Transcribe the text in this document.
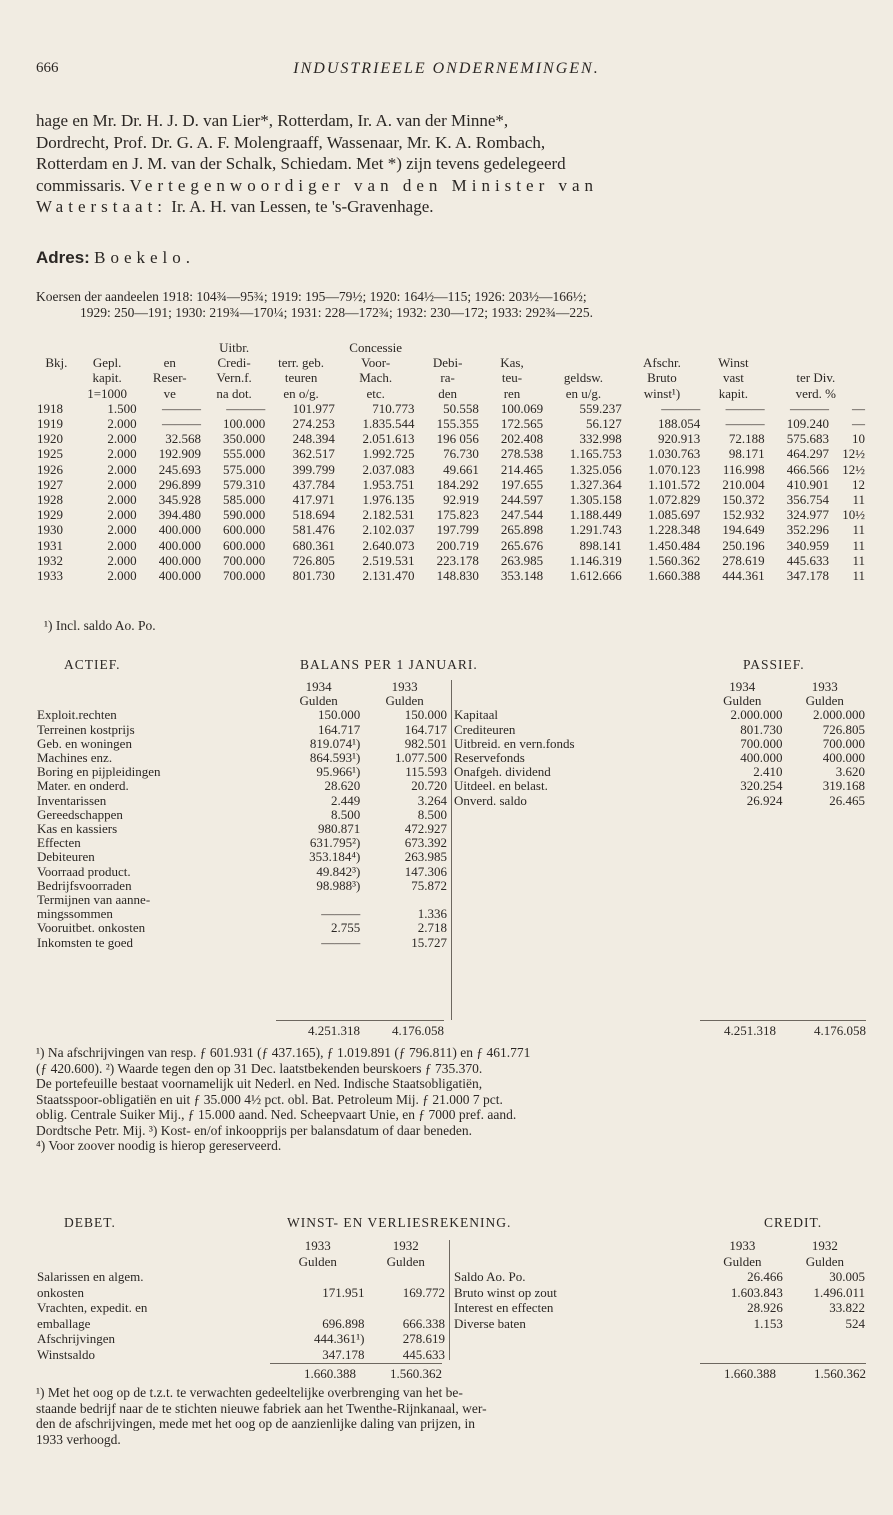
666	INDUSTRIEELE ONDERNEMINGEN.

hage en Mr. Dr. H. J. D. van Lier*, Rotterdam, Ir. A. van der Minne*,

Dordrecht, Prof. Dr. G. A. F. Molengraaff, Wassenaar, Mr. K. A. Rombach,

Rotterdam en J. M. van der Schalk, Schiedam. Met *) zijn tevens gedelegeerd

commissaris. Vertegenwoordiger van den Minister van

Waterstaat: Ir. A. H. van Lessen, te 's-Gravenhage.

Adres: Boekelo.
Koersen der aandeelen 1918: 104¾—95¾; 1919: 195—79½; 1920: 164½—115; 1926: 203½—166½;
1929: 250—191; 1930: 219¾—170¼; 1931: 228—172¾; 1932: 230—172; 1933: 292¾—225.
			Uitbr.		Concessie							
Bkj.	Gepl.	en	Credi-	terr. geb.	Voor-	Debi-	Kas,		Afschr.	Winst		
	kapit.	Reser-	Vern.f.	teuren	Mach.	ra-	teu-	geldsw.	Bruto	vast	ter Div.	
	1=1000	ve	na dot.	en o/g.	etc.	den	ren	en u/g.	winst¹)	kapit.	verd. %	
1918	1.500	———	———	101.977	710.773	50.558	100.069	559.237	———	———	———	—
1919	2.000	———	100.000	274.253	1.835.544	155.355	172.565	56.127	188.054	———	109.240	—
1920	2.000	32.568	350.000	248.394	2.051.613	196 056	202.408	332.998	920.913	72.188	575.683	10
1925	2.000	192.909	555.000	362.517	1.992.725	76.730	278.538	1.165.753	1.030.763	98.171	464.297	12½
1926	2.000	245.693	575.000	399.799	2.037.083	49.661	214.465	1.325.056	1.070.123	116.998	466.566	12½
1927	2.000	296.899	579.310	437.784	1.953.751	184.292	197.655	1.327.364	1.101.572	210.004	410.901	12
1928	2.000	345.928	585.000	417.971	1.976.135	92.919	244.597	1.305.158	1.072.829	150.372	356.754	11
1929	2.000	394.480	590.000	518.694	2.182.531	175.823	247.544	1.188.449	1.085.697	152.932	324.977	10½
1930	2.000	400.000	600.000	581.476	2.102.037	197.799	265.898	1.291.743	1.228.348	194.649	352.296	11
1931	2.000	400.000	600.000	680.361	2.640.073	200.719	265.676	898.141	1.450.484	250.196	340.959	11
1932	2.000	400.000	700.000	726.805	2.519.531	223.178	263.985	1.146.319	1.560.362	278.619	445.633	11
1933	2.000	400.000	700.000	801.730	2.131.470	148.830	353.148	1.612.666	1.660.388	444.361	347.178	11
¹) Incl. saldo Ao. Po.
ACTIEF.	BALANS PER 1 JANUARI.	PASSIEF.
	1934	1933
	Gulden	Gulden
Exploit.rechten	150.000	150.000
Terreinen kostprijs	164.717	164.717
Geb. en woningen	819.074¹)	982.501
Machines enz.	864.593¹)	1.077.500
Boring en pijpleidingen	95.966¹)	115.593
Mater. en onderd.	28.620	20.720
Inventarissen	2.449	3.264
Gereedschappen	8.500	8.500
Kas en kassiers	980.871	472.927
Effecten	631.795²)	673.392
Debiteuren	353.184⁴)	263.985
Voorraad product.	49.842³)	147.306
Bedrijfsvoorraden	98.988³)	75.872
Termijnen van aanne-		
mingssommen	———	1.336
Vooruitbet. onkosten	2.755	2.718
Inkomsten te goed	———	15.727
	1934	1933
	Gulden	Gulden
Kapitaal	2.000.000	2.000.000
Crediteuren	801.730	726.805
Uitbreid. en vern.fonds	700.000	700.000
Reservefonds	400.000	400.000
Onafgeh. dividend	2.410	3.620
Uitdeel. en belast.	320.254	319.168
Onverd. saldo	26.924	26.465
4.251.318 4.176.058	4.251.318	4.176.058
¹) Na afschrijvingen van resp. ƒ 601.931 (ƒ 437.165), ƒ 1.019.891 (ƒ 796.811) en ƒ 461.771
(ƒ 420.600). ²) Waarde tegen den op 31 Dec. laatstbekenden beurskoers ƒ 735.370.
De portefeuille bestaat voornamelijk uit Nederl. en Ned. Indische Staatsobligatiën,
Staatsspoor-obligatiën en uit ƒ 35.000 4½ pct. obl. Bat. Petroleum Mij. ƒ 21.000 7 pct.
oblig. Centrale Suiker Mij., ƒ 15.000 aand. Ned. Scheepvaart Unie, en ƒ 7000 pref. aand.
Dordtsche Petr. Mij. ³) Kost- en/of inkoopprijs per balansdatum of daar beneden.
⁴) Voor zoover noodig is hierop gereserveerd.
DEBET.	WINST- EN VERLIESREKENING.	CREDIT.
	1933	1932
	Gulden	Gulden
Salarissen en algem.		
onkosten	171.951	169.772
Vrachten, expedit. en		
emballage	696.898	666.338
Afschrijvingen	444.361¹)	278.619
Winstsaldo	347.178	445.633
	1933	1932
	Gulden	Gulden
Saldo Ao. Po.	26.466	30.005
Bruto winst op zout	1.603.843	1.496.011
Interest en effecten	28.926	33.822
Diverse baten	1.153	524
1.660.388	1.560.362	1.660.388	1.560.362
¹) Met het oog op de t.z.t. te verwachten gedeeltelijke overbrenging van het be-
staande bedrijf naar de te stichten nieuwe fabriek aan het Twenthe-Rijnkanaal, wer-
den de afschrijvingen, mede met het oog op de aanzienlijke daling van prijzen, in
1933 verhoogd.
